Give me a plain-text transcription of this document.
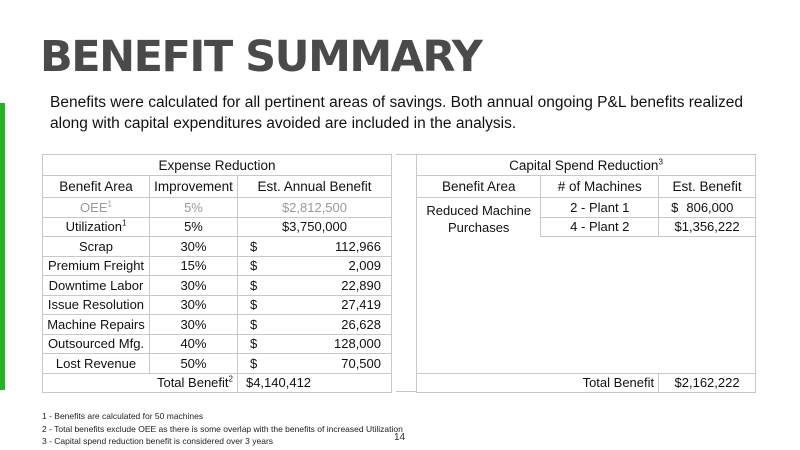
BENEFIT SUMMARY

Benefits were calculated for all pertinent areas of savings. Both annual ongoing P&L benefits realized along with capital expenditures avoided are included in the analysis.

Expense Reduction		
Benefit Area	Improvement	Est. Annual Benefit
OEE$^1$	5%	$2,812,500
Utilization$^1$	5%	$3,750,000
Scrap	30%	$ 112,966

Premium Freight	15%	$ 2,009

Downtime Labor	30%	$ 22,890

Issue Resolution	30%	$ 27,419

Machine Repairs	30%	$ 26,628

Outsourced Mfg.	40%	$ 128,000

Lost Revenue	50%	$ 70,500

Total Benefit$^2$		$4,140,412
Capital Spend Reduction$^3$
Benefit Area	# of Machines	Est. Benefit
Reduced Machine Purchases	2 - Plant 1	$ 806,000

	4 - Plant 2	$1,356,222

Total Benefit		$2,162,222
1 - Benefits are calculated for 50 machines
2 - Total benefits exclude OEE as there is some overlap with the benefits of increased Utilization
3 - Capital spend reduction benefit is considered over 3 years	14
